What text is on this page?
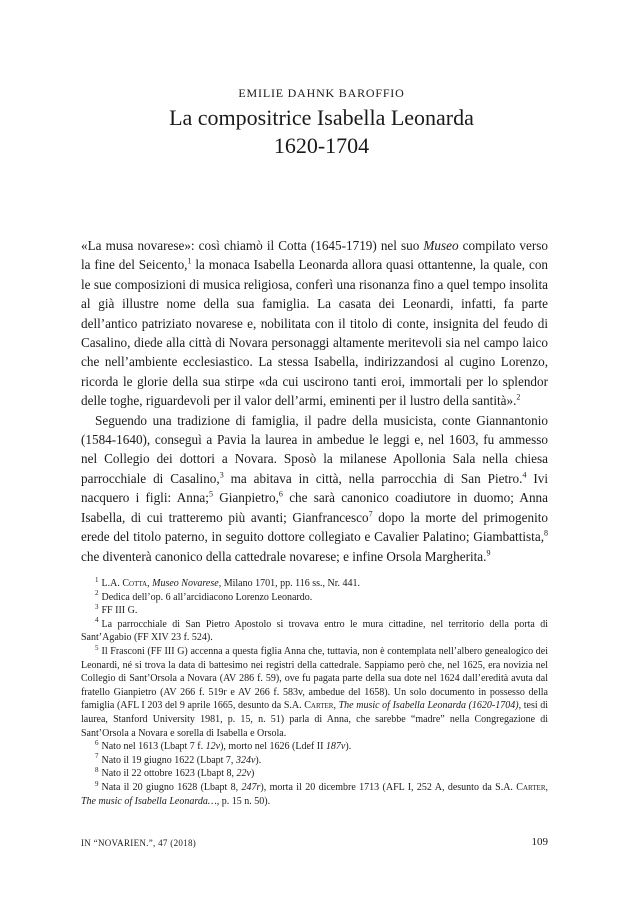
EMILIE DAHNK BAROFFIO
La compositrice Isabella Leonarda
1620-1704

«La musa novarese»: così chiamò il Cotta (1645-1719) nel suo Museo compilato verso la fine del Seicento,$^1$ la monaca Isabella Leonarda allora quasi ottantenne, la quale, con le sue composizioni di musica religiosa, conferì una risonanza fino a quel tempo insolita al già illustre nome della sua famiglia. La casata dei Leonardi, infatti, fa parte dell’antico patriziato novarese e, nobilitata con il titolo di conte, insignita del feudo di Casalino, diede alla città di Novara personaggi altamente meritevoli sia nel campo laico che nell’ambiente ecclesiastico. La stessa Isabella, indirizzandosi al cugino Lorenzo, ricorda le glorie della sua stirpe «da cui uscirono tanti eroi, immortali per lo splendor delle toghe, riguardevoli per il valor dell’armi, eminenti per il lustro della santità».$^2$

Seguendo una tradizione di famiglia, il padre della musicista, conte Giannantonio (1584-1640), conseguì a Pavia la laurea in ambedue le leggi e, nel 1603, fu ammesso nel Collegio dei dottori a Novara. Sposò la milanese Apollonia Sala nella chiesa parrocchiale di Casalino,$^3$ ma abitava in città, nella parrocchia di San Pietro.$^4$ Ivi nacquero i figli: Anna;$^5$ Gianpietro,$^6$ che sarà canonico coadiutore in duomo; Anna Isabella, di cui tratteremo più avanti; Gianfrancesco$^7$ dopo la morte del primogenito erede del titolo paterno, in seguito dottore collegiato e Cavalier Palatino; Giambattista,$^8$ che diventerà canonico della cattedrale novarese; e infine Orsola Margherita.$^9$

$^1$ L.A. Cotta, Museo Novarese, Milano 1701, pp. 116 ss., Nr. 441.

$^2$ Dedica dell’op. 6 all’arcidiacono Lorenzo Leonardo.

$^3$ FF III G.

$^4$ La parrocchiale di San Pietro Apostolo si trovava entro le mura cittadine, nel territorio della porta di Sant’Agabio (FF XIV 23 f. 524).

$^5$ Il Frasconi (FF III G) accenna a questa figlia Anna che, tuttavia, non è contemplata nell’albero genealogico dei Leonardi, né si trova la data di battesimo nei registri della cattedrale. Sappiamo però che, nel 1625, era novizia nel Collegio di Sant’Orsola a Novara (AV 286 f. 59), ove fu pagata parte della sua dote nel 1624 dall’eredità avuta dal fratello Gianpietro (AV 266 f. 519r e AV 266 f. 583v, ambedue del 1658). Un solo documento in possesso della famiglia (AFL I 203 del 9 aprile 1665, desunto da S.A. Carter, The music of Isabella Leonarda (1620-1704), tesi di laurea, Stanford University 1981, p. 15, n. 51) parla di Anna, che sarebbe “madre” nella Congregazione di Sant’Orsola a Novara e sorella di Isabella e Orsola.

$^6$ Nato nel 1613 (Lbapt 7 f. 12v), morto nel 1626 (Ldef II 187v).

$^7$ Nato il 19 giugno 1622 (Lbapt 7, 324v).

$^8$ Nato il 22 ottobre 1623 (Lbapt 8, 22v)

$^9$ Nata il 20 giugno 1628 (Lbapt 8, 247r), morta il 20 dicembre 1713 (AFL I, 252 A, desunto da S.A. Carter, The music of Isabella Leonarda…, p. 15 n. 50).

IN “NOVARIEN.”, 47 (2018)	109
